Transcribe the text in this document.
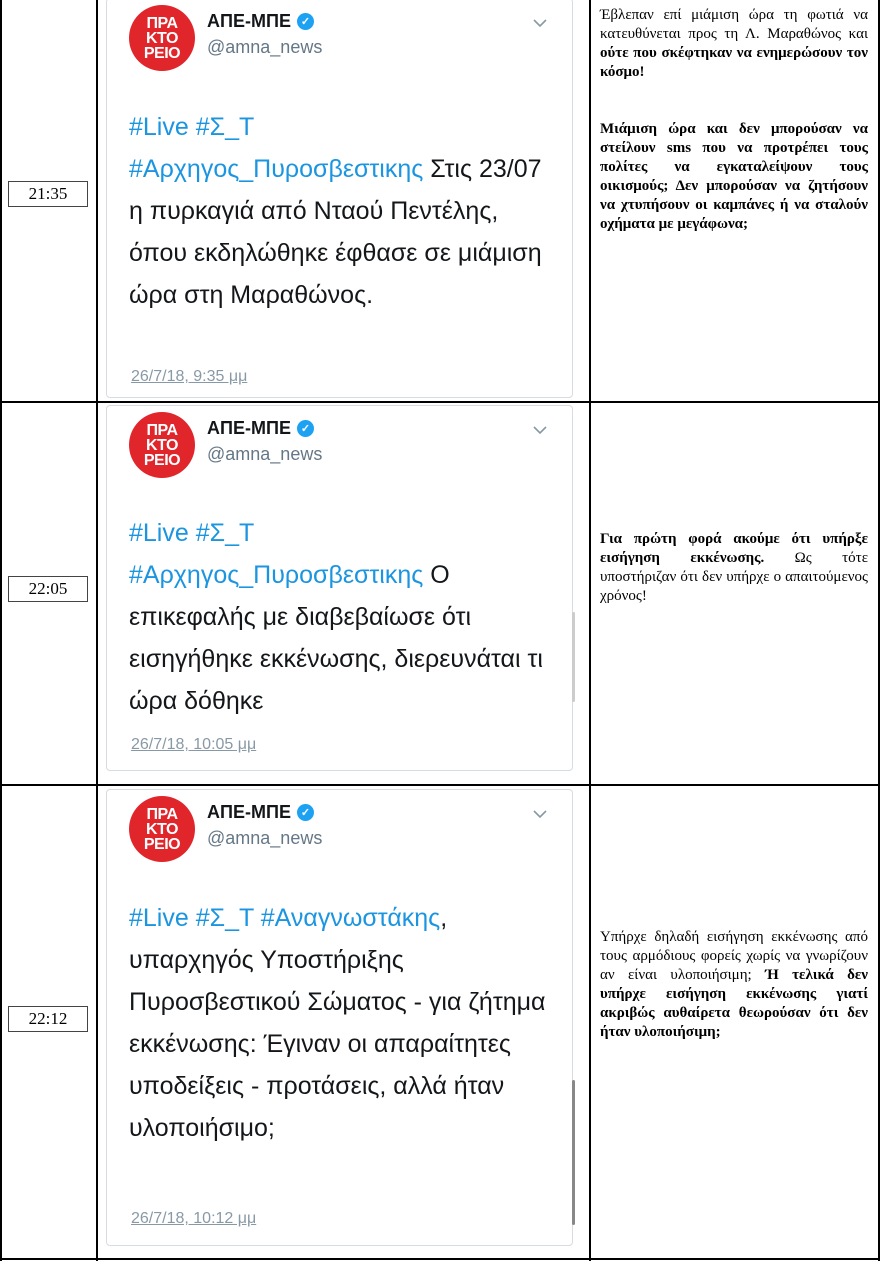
21:35
ΠΡΑ
ΚΤΟ
ΡΕΙΟ
ΑΠΕ-ΜΠΕ ✓
@amna_news
#Live #Σ_Τ
#Αρχηγος_Πυροσβεστικης Στις 23/07 η πυρκαγιά από Νταού Πεντέλης, όπου εκδηλώθηκε έφθασε σε μιάμιση ώρα στη Μαραθώνος.
26/7/18, 9:35 μμ

Έβλεπαν επί μιάμιση ώρα τη φωτιά να κατευθύνεται προς τη Λ. Μαραθώνος και ούτε που σκέφτηκαν να ενημερώσουν τον κόσμο!

Μιάμιση ώρα και δεν μπορούσαν να στείλουν sms που να προτρέπει τους πολίτες να εγκαταλείψουν τους οικισμούς; Δεν μπορούσαν να ζητήσουν να χτυπήσουν οι καμπάνες ή να σταλούν οχήματα με μεγάφωνα;

22:05
ΠΡΑ
ΚΤΟ
ΡΕΙΟ
ΑΠΕ-ΜΠΕ ✓
@amna_news
#Live #Σ_Τ
#Αρχηγος_Πυροσβεστικης Ο επικεφαλής με διαβεβαίωσε ότι εισηγήθηκε εκκένωσης, διερευνάται τι ώρα δόθηκε
26/7/18, 10:05 μμ

Για πρώτη φορά ακούμε ότι υπήρξε εισήγηση εκκένωσης. Ως τότε υποστήριζαν ότι δεν υπήρχε ο απαιτούμενος χρόνος!

22:12
ΠΡΑ
ΚΤΟ
ΡΕΙΟ
ΑΠΕ-ΜΠΕ ✓
@amna_news
#Live #Σ_Τ #Αναγνωστάκης, υπαρχηγός Υποστήριξης Πυροσβεστικού Σώματος - για ζήτημα εκκένωσης: Έγιναν οι απαραίτητες υποδείξεις - προτάσεις, αλλά ήταν υλοποιήσιμο;
26/7/18, 10:12 μμ

Υπήρχε δηλαδή εισήγηση εκκένωσης από τους αρμόδιους φορείς χωρίς να γνωρίζουν αν είναι υλοποιήσιμη; Ή τελικά δεν υπήρχε εισήγηση εκκένωσης γιατί ακριβώς αυθαίρετα θεωρούσαν ότι δεν ήταν υλοποιήσιμη;
